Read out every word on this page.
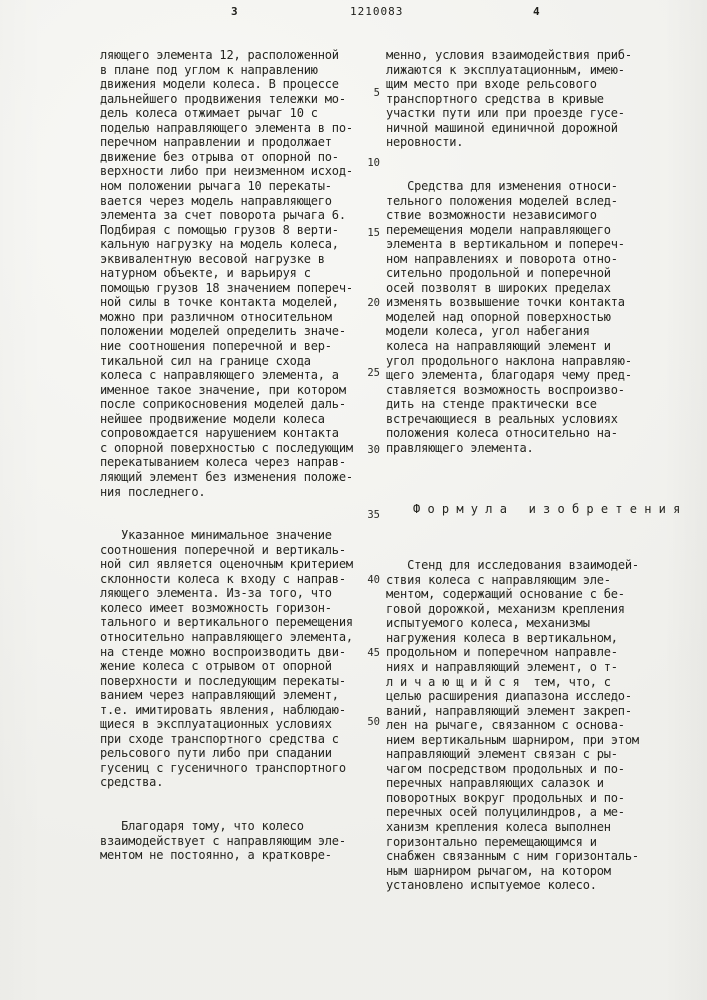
3	1210083	4

ляющего элемента 12, расположенной
в плане под углом к направлению
движения модели колеса. В процессе
дальнейшего продвижения тележки мо-
дель колеса отжимает рычаг 10 с
поделью направляющего элемента в по-
перечном направлении и продолжает
движение без отрыва от опорной по-
верхности либо при неизменном исход-
ном положении рычага 10 перекаты-
вается через модель направляющего
элемента за счет поворота рычага 6.
Подбирая с помощью грузов 8 верти-
кальную нагрузку на модель колеса,
эквивалентную весовой нагрузке в
натурном объекте, и варьируя с
помощью грузов 18 значением попереч-
ной силы в точке контакта моделей,
можно при различном относительном
положении моделей определить значе-
ние соотношения поперечной и вер-
тикальной сил на границе схода
колеса с направляющего элемента, а
именное такое значение, при котором
после соприкосновения моделей даль-
нейшее продвижение модели колеса
сопровождается нарушением контакта
с опорной поверхностью с последующим
перекатыванием колеса через направ-
ляющий элемент без изменения положе-
ния последнего.

Указанное минимальное значение
соотношения поперечной и вертикаль-
ной сил является оценочным критерием
склонности колеса к входу с направ-
ляющего элемента. Из-за того, что
колесо имеет возможность горизон-
тального и вертикального перемещения
относительно направляющего элемента,
на стенде можно воспроизводить дви-
жение колеса с отрывом от опорной
поверхности и последующим перекаты-
ванием через направляющий элемент,
т.е. имитировать явления, наблюдаю-
щиеся в эксплуатационных условиях
при сходе транспортного средства с
рельсового пути либо при спадании
гусениц с гусеничного транспортного
средства.

Благодаря тому, что колесо
взаимодействует с направляющим эле-
ментом не постоянно, а кратковре-

5
10
15
20
25
30
35
40
45
50

менно, условия взаимодействия приб-
лижаются к эксплуатационным, имею-
щим место при входе рельсового
транспортного средства в кривые
участки пути или при проезде гусе-
ничной машиной единичной дорожной
неровности.

Средства для изменения относи-
тельного положения моделей вслед-
ствие возможности независимого
перемещения модели направляющего
элемента в вертикальном и попереч-
ном направлениях и поворота отно-
сительно продольной и поперечной
осей позволят в широких пределах
изменять возвышение точки контакта
моделей над опорной поверхностью
модели колеса, угол набегания
колеса на направляющий элемент и
угол продольного наклона направляю-
щего элемента, благодаря чему пред-
ставляется возможность воспроизво-
дить на стенде практически все
встречающиеся в реальных условиях
положения колеса относительно на-
правляющего элемента.

Ф о р м у л а   и з о б р е т е н и я

Стенд для исследования взаимодей-
ствия колеса с направляющим эле-
ментом, содержащий основание с бе-
говой дорожкой, механизм крепления
испытуемого колеса, механизмы
нагружения колеса в вертикальном,
продольном и поперечном направле-
ниях и направляющий элемент, о т-
л и ч а ю щ и й с я  тем, что, с
целью расширения диапазона исследо-
ваний, направляющий элемент закреп-
лен на рычаге, связанном с основа-
нием вертикальным шарниром, при этом
направляющий элемент связан с ры-
чагом посредством продольных и по-
перечных направляющих салазок и
поворотных вокруг продольных и по-
перечных осей полуцилиндров, а ме-
ханизм крепления колеса выполнен
горизонтально перемещающимся и
снабжен связанным с ним горизонталь-
ным шарниром рычагом, на котором
установлено испытуемое колесо.
